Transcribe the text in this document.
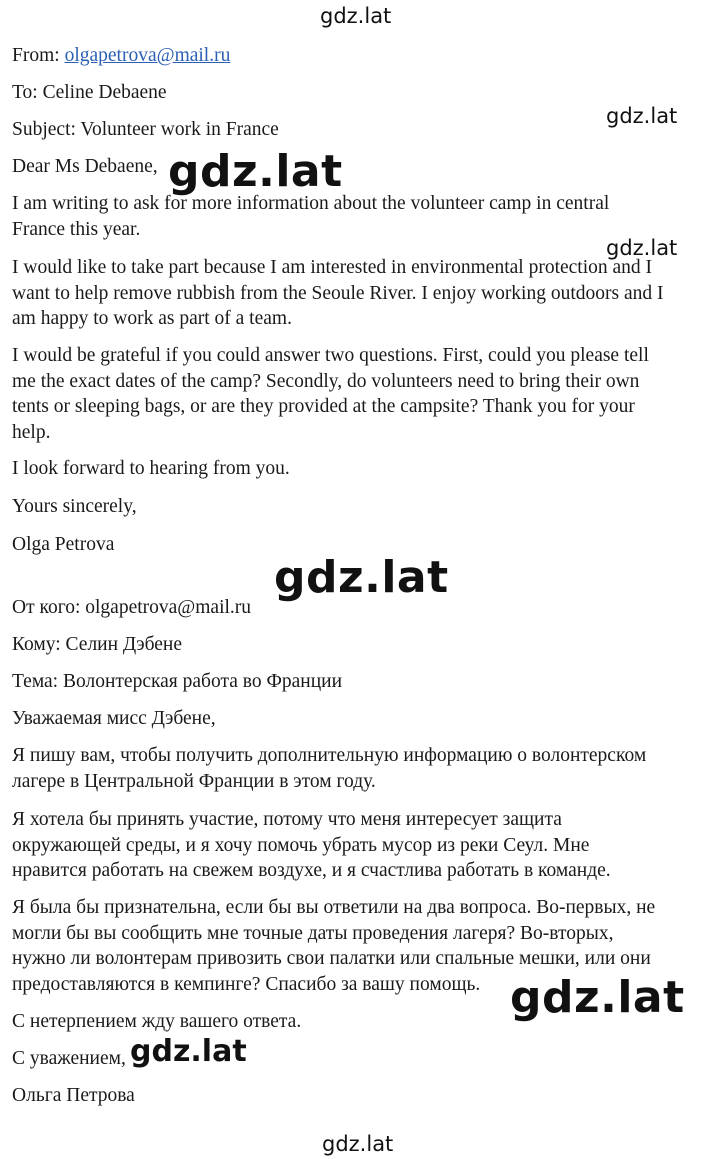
gdz.lat
gdz.lat
gdz.lat
From: olgapetrova@mail.ru
To: Celine Debaene
Subject: Volunteer work in France
Dear Ms Debaene,
I am writing to ask for more information about the volunteer camp in central
France this year.
I would like to take part because I am interested in environmental protection and I
want to help remove rubbish from the Seoule River. I enjoy working outdoors and I
am happy to work as part of a team.
I would be grateful if you could answer two questions. First, could you please tell
me the exact dates of the camp? Secondly, do volunteers need to bring their own
tents or sleeping bags, or are they provided at the campsite? Thank you for your
help.
I look forward to hearing from you.
Yours sincerely,
Olga Petrova
От кого: olgapetrova@mail.ru
Кому: Селин Дэбене
Тема: Волонтерская работа во Франции
Уважаемая мисс Дэбене,
Я пишу вам, чтобы получить дополнительную информацию о волонтерском
лагере в Центральной Франции в этом году.
Я хотела бы принять участие, потому что меня интересует защита
окружающей среды, и я хочу помочь убрать мусор из реки Сеул. Мне
нравится работать на свежем воздухе, и я счастлива работать в команде.
Я была бы признательна, если бы вы ответили на два вопроса. Во-первых, не
могли бы вы сообщить мне точные даты проведения лагеря? Во-вторых,
нужно ли волонтерам привозить свои палатки или спальные мешки, или они
предоставляются в кемпинге? Спасибо за вашу помощь.
С нетерпением жду вашего ответа.
С уважением,
Ольга Петрова
gdz.lat
gdz.lat
gdz.lat
gdz.lat
gdz.lat
